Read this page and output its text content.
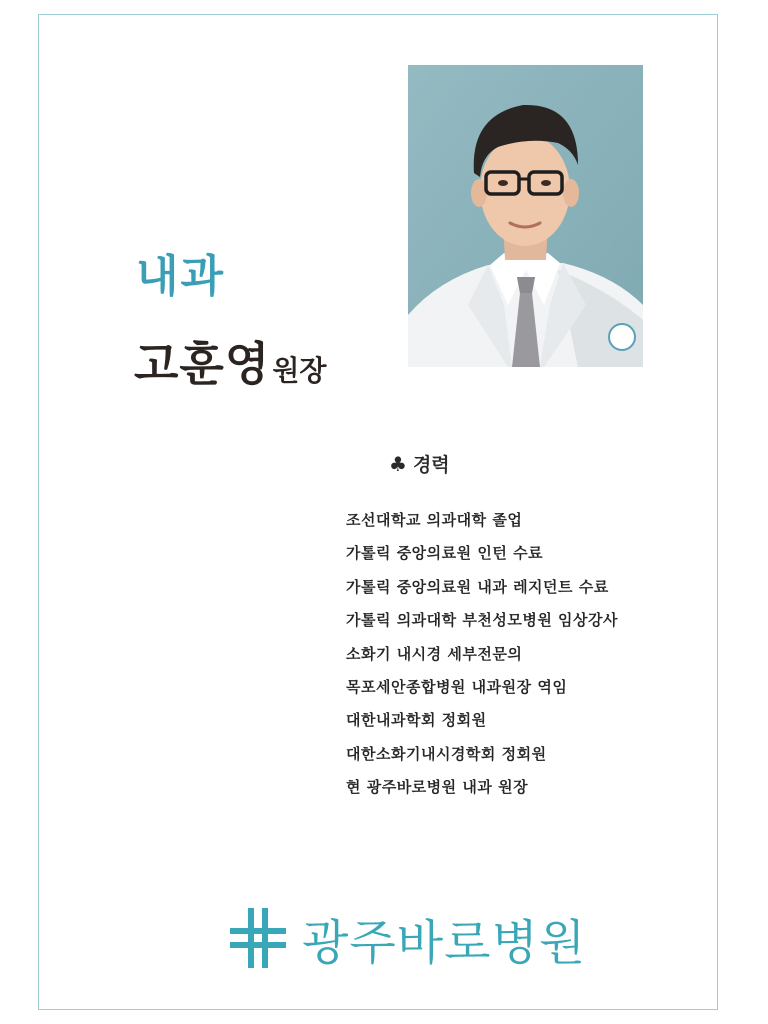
내과
고훈영원장
♣ 경력
조선대학교 의과대학 졸업
가톨릭 중앙의료원 인턴 수료
가톨릭 중앙의료원 내과 레지던트 수료
가톨릭 의과대학 부천성모병원 임상강사
소화기 내시경 세부전문의
목포세안종합병원 내과원장 역임
대한내과학회 정회원
대한소화기내시경학회 정회원
현 광주바로병원 내과 원장
광주바로병원
